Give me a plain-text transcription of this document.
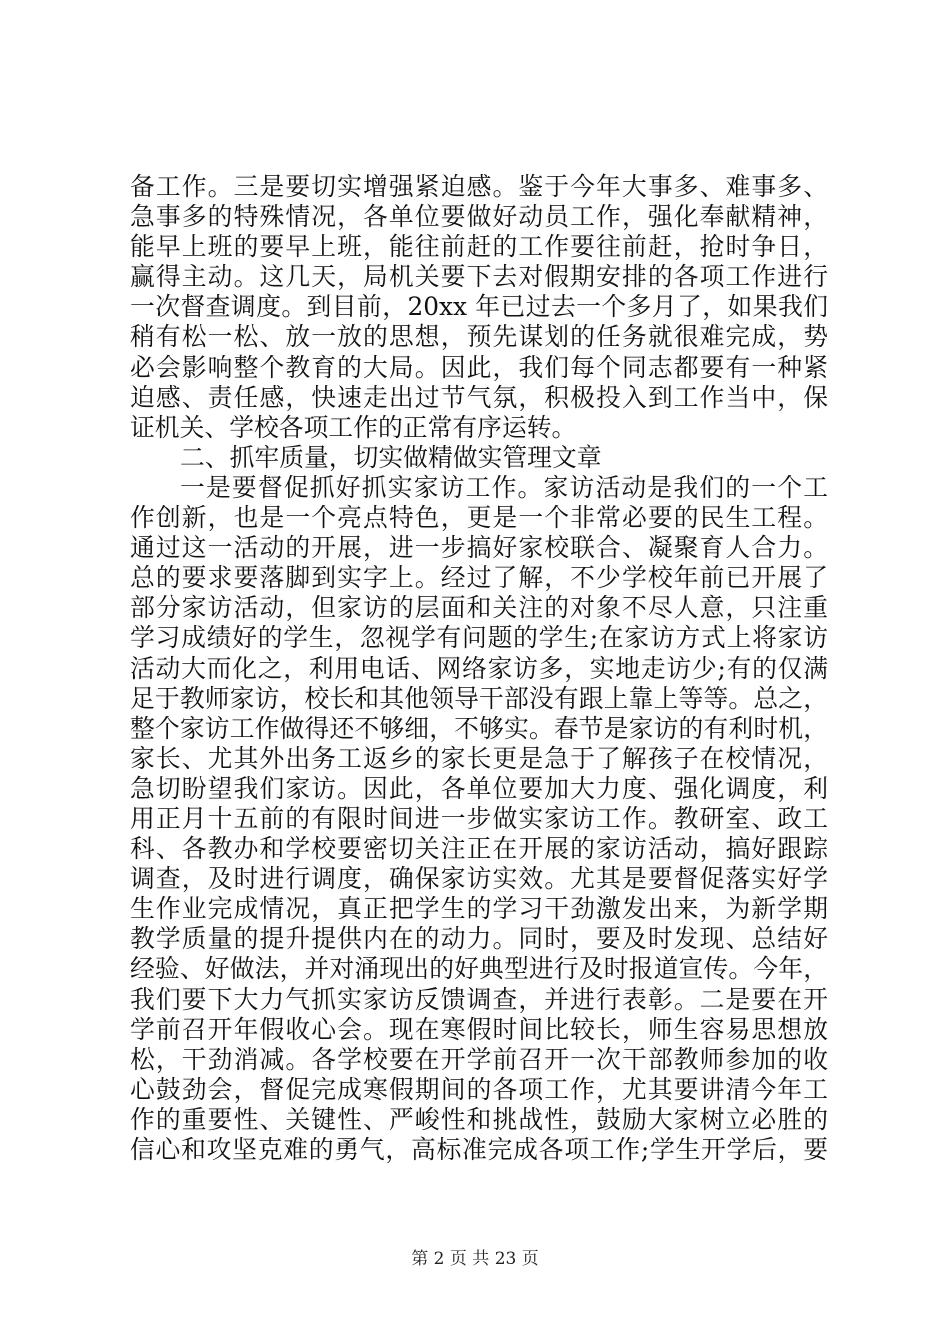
备工作。三是要切实增强紧迫感。鉴于今年大事多、难事多、
急事多的特殊情况，各单位要做好动员工作，强化奉献精神，
能早上班的要早上班，能往前赶的工作要往前赶，抢时争日，
赢得主动。这几天，局机关要下去对假期安排的各项工作进行
一次督查调度。到目前，20xx 年已过去一个多月了，如果我们
稍有松一松、放一放的思想，预先谋划的任务就很难完成，势
必会影响整个教育的大局。因此，我们每个同志都要有一种紧
迫感、责任感，快速走出过节气氛，积极投入到工作当中，保
证机关、学校各项工作的正常有序运转。
二、抓牢质量，切实做精做实管理文章
一是要督促抓好抓实家访工作。家访活动是我们的一个工
作创新，也是一个亮点特色，更是一个非常必要的民生工程。
通过这一活动的开展，进一步搞好家校联合、凝聚育人合力。
总的要求要落脚到实字上。经过了解，不少学校年前已开展了
部分家访活动，但家访的层面和关注的对象不尽人意，只注重
学习成绩好的学生，忽视学有问题的学生;在家访方式上将家访
活动大而化之，利用电话、网络家访多，实地走访少;有的仅满
足于教师家访，校长和其他领导干部没有跟上靠上等等。总之，
整个家访工作做得还不够细，不够实。春节是家访的有利时机，
家长、尤其外出务工返乡的家长更是急于了解孩子在校情况，
急切盼望我们家访。因此，各单位要加大力度、强化调度，利
用正月十五前的有限时间进一步做实家访工作。教研室、政工
科、各教办和学校要密切关注正在开展的家访活动，搞好跟踪
调查，及时进行调度，确保家访实效。尤其是要督促落实好学
生作业完成情况，真正把学生的学习干劲激发出来，为新学期
教学质量的提升提供内在的动力。同时，要及时发现、总结好
经验、好做法，并对涌现出的好典型进行及时报道宣传。今年，
我们要下大力气抓实家访反馈调查，并进行表彰。二是要在开
学前召开年假收心会。现在寒假时间比较长，师生容易思想放
松，干劲消减。各学校要在开学前召开一次干部教师参加的收
心鼓劲会，督促完成寒假期间的各项工作，尤其要讲清今年工
作的重要性、关键性、严峻性和挑战性，鼓励大家树立必胜的
信心和攻坚克难的勇气，高标准完成各项工作;学生开学后，要
第 2 页 共 23 页
